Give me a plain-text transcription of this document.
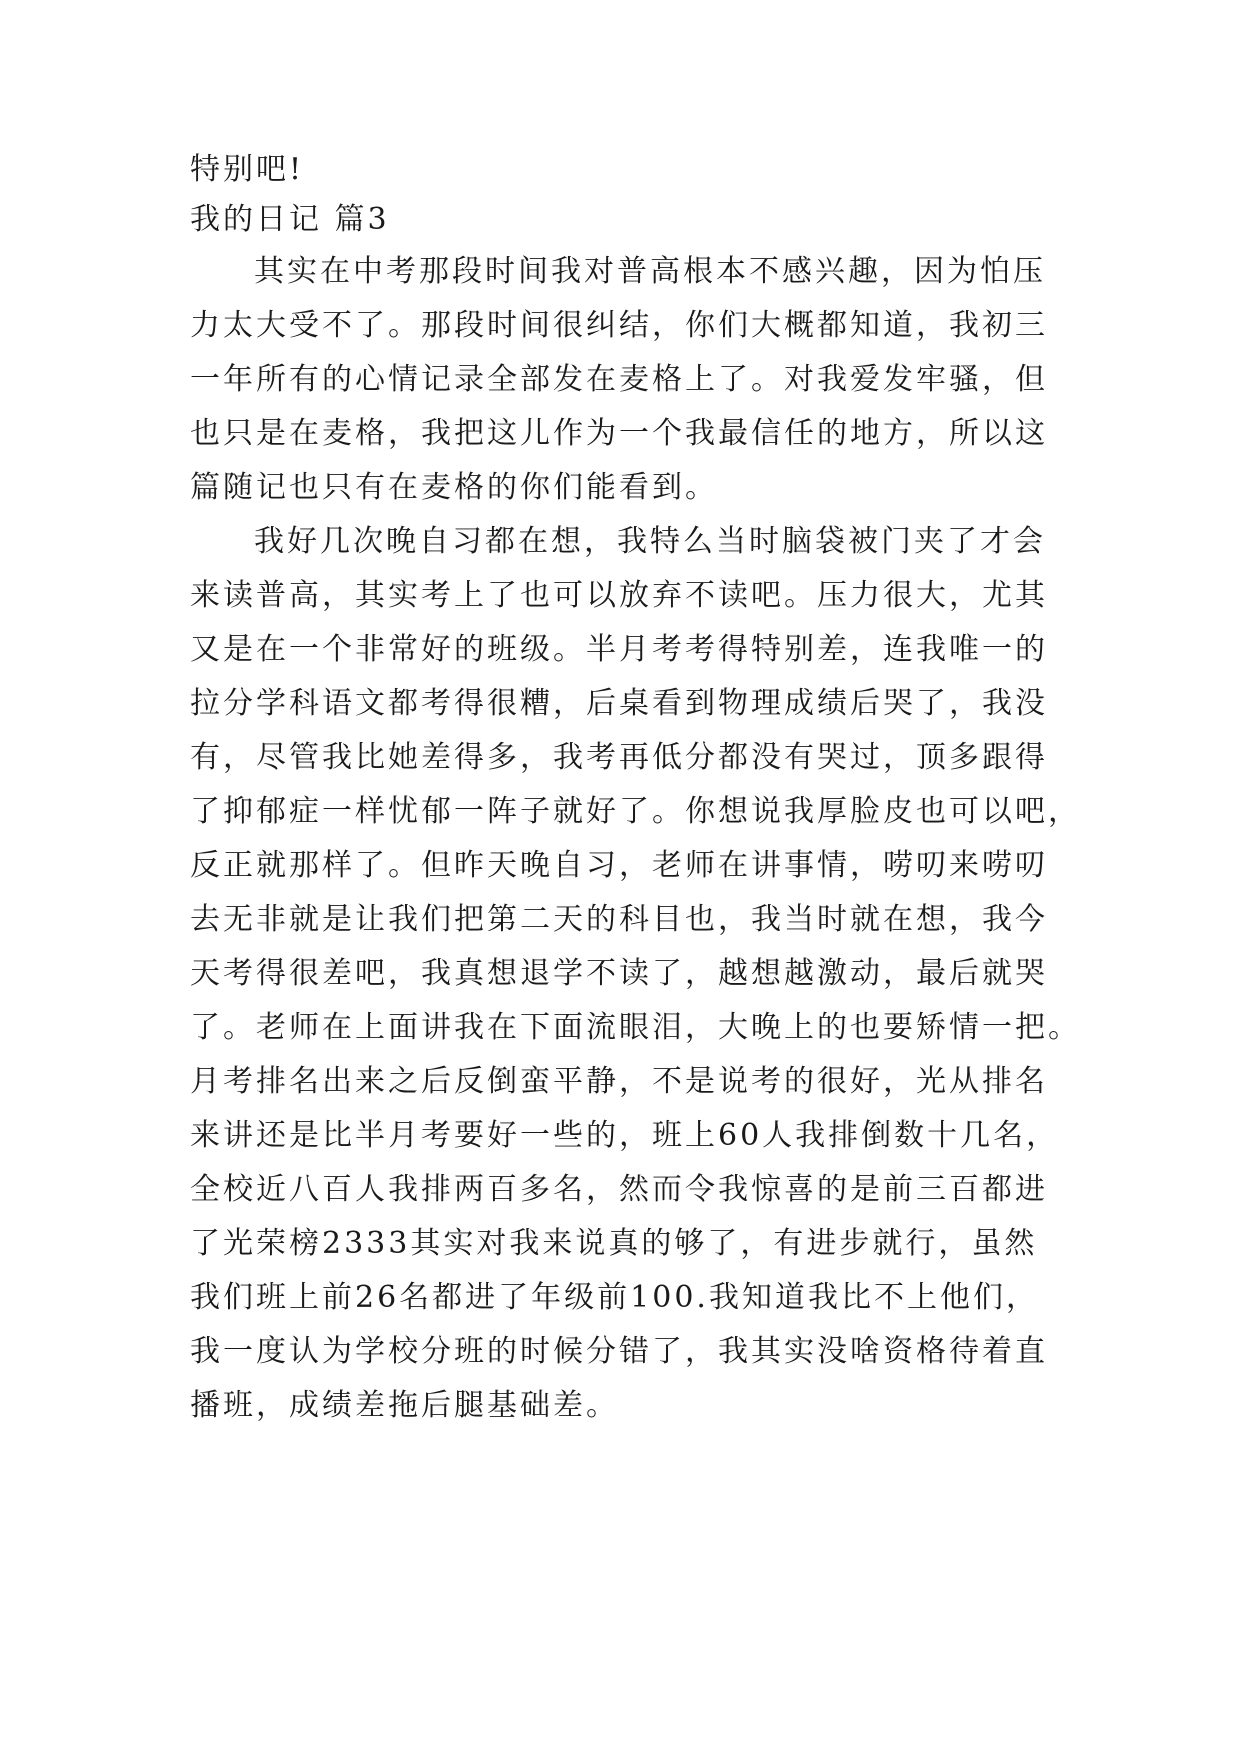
特别吧!
我的日记 篇3
其实在中考那段时间我对普高根本不感兴趣，因为怕压
力太大受不了。那段时间很纠结，你们大概都知道，我初三
一年所有的心情记录全部发在麦格上了。对我爱发牢骚，但
也只是在麦格，我把这儿作为一个我最信任的地方，所以这
篇随记也只有在麦格的你们能看到。
我好几次晚自习都在想，我特么当时脑袋被门夹了才会
来读普高，其实考上了也可以放弃不读吧。压力很大，尤其
又是在一个非常好的班级。半月考考得特别差，连我唯一的
拉分学科语文都考得很糟，后桌看到物理成绩后哭了，我没
有，尽管我比她差得多，我考再低分都没有哭过，顶多跟得
了抑郁症一样忧郁一阵子就好了。你想说我厚脸皮也可以吧，
反正就那样了。但昨天晚自习，老师在讲事情，唠叨来唠叨
去无非就是让我们把第二天的科目也，我当时就在想，我今
天考得很差吧，我真想退学不读了，越想越激动，最后就哭
了。老师在上面讲我在下面流眼泪，大晚上的也要矫情一把。
月考排名出来之后反倒蛮平静，不是说考的很好，光从排名
来讲还是比半月考要好一些的，班上60人我排倒数十几名，
全校近八百人我排两百多名，然而令我惊喜的是前三百都进
了光荣榜2333其实对我来说真的够了，有进步就行，虽然
我们班上前26名都进了年级前100.我知道我比不上他们，
我一度认为学校分班的时候分错了，我其实没啥资格待着直
播班，成绩差拖后腿基础差。
